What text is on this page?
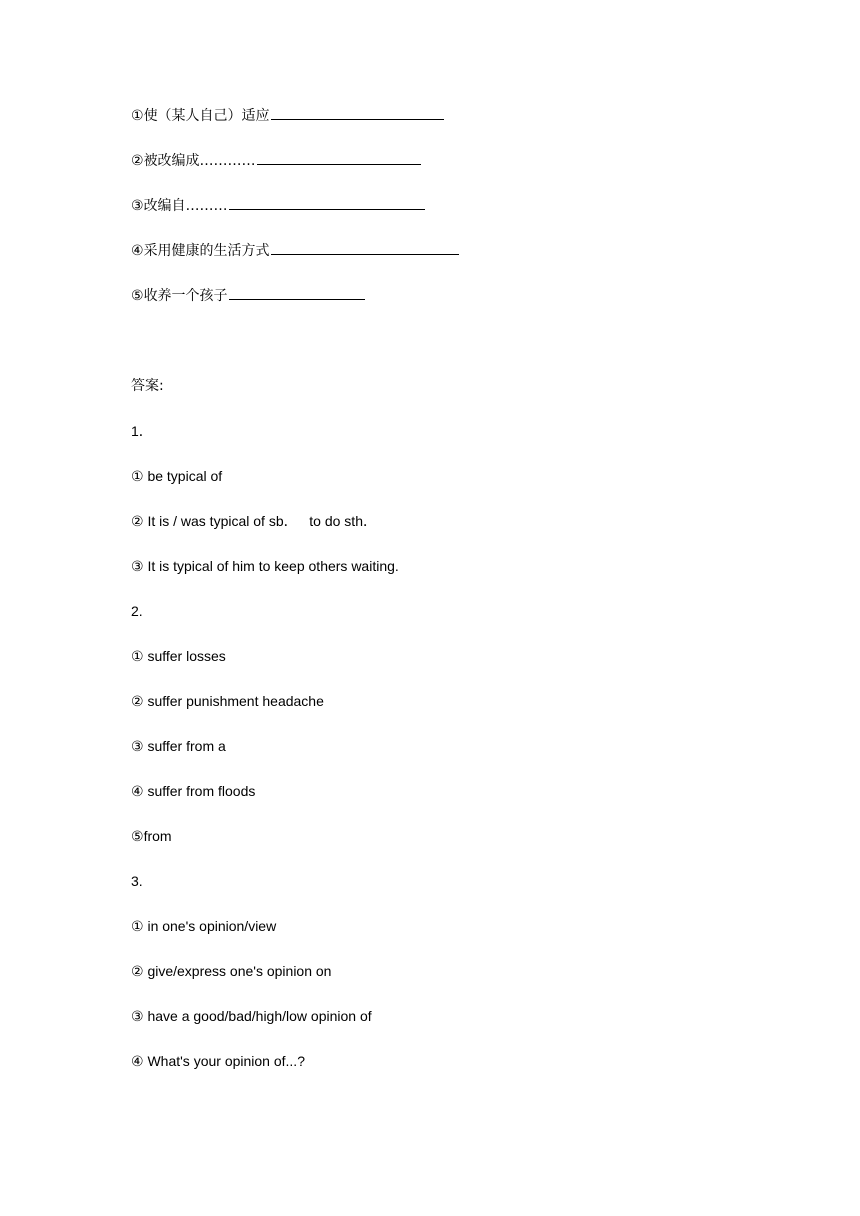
①使（某人自己）适应
②被改编成…………
③改编自………
④采用健康的生活方式
⑤收养一个孩子
答案:
1．
① be typical of
② It is / was typical of sb．   to do sth．
③ It is typical of him to keep others waiting.
2.
① suffer losses
② suffer punishment headache
③ suffer from a
④ suffer from floods
⑤from
3.
① in one's opinion/view
② give/express one's opinion on
③ have a good/bad/high/low opinion of
④ What's your opinion of...?
